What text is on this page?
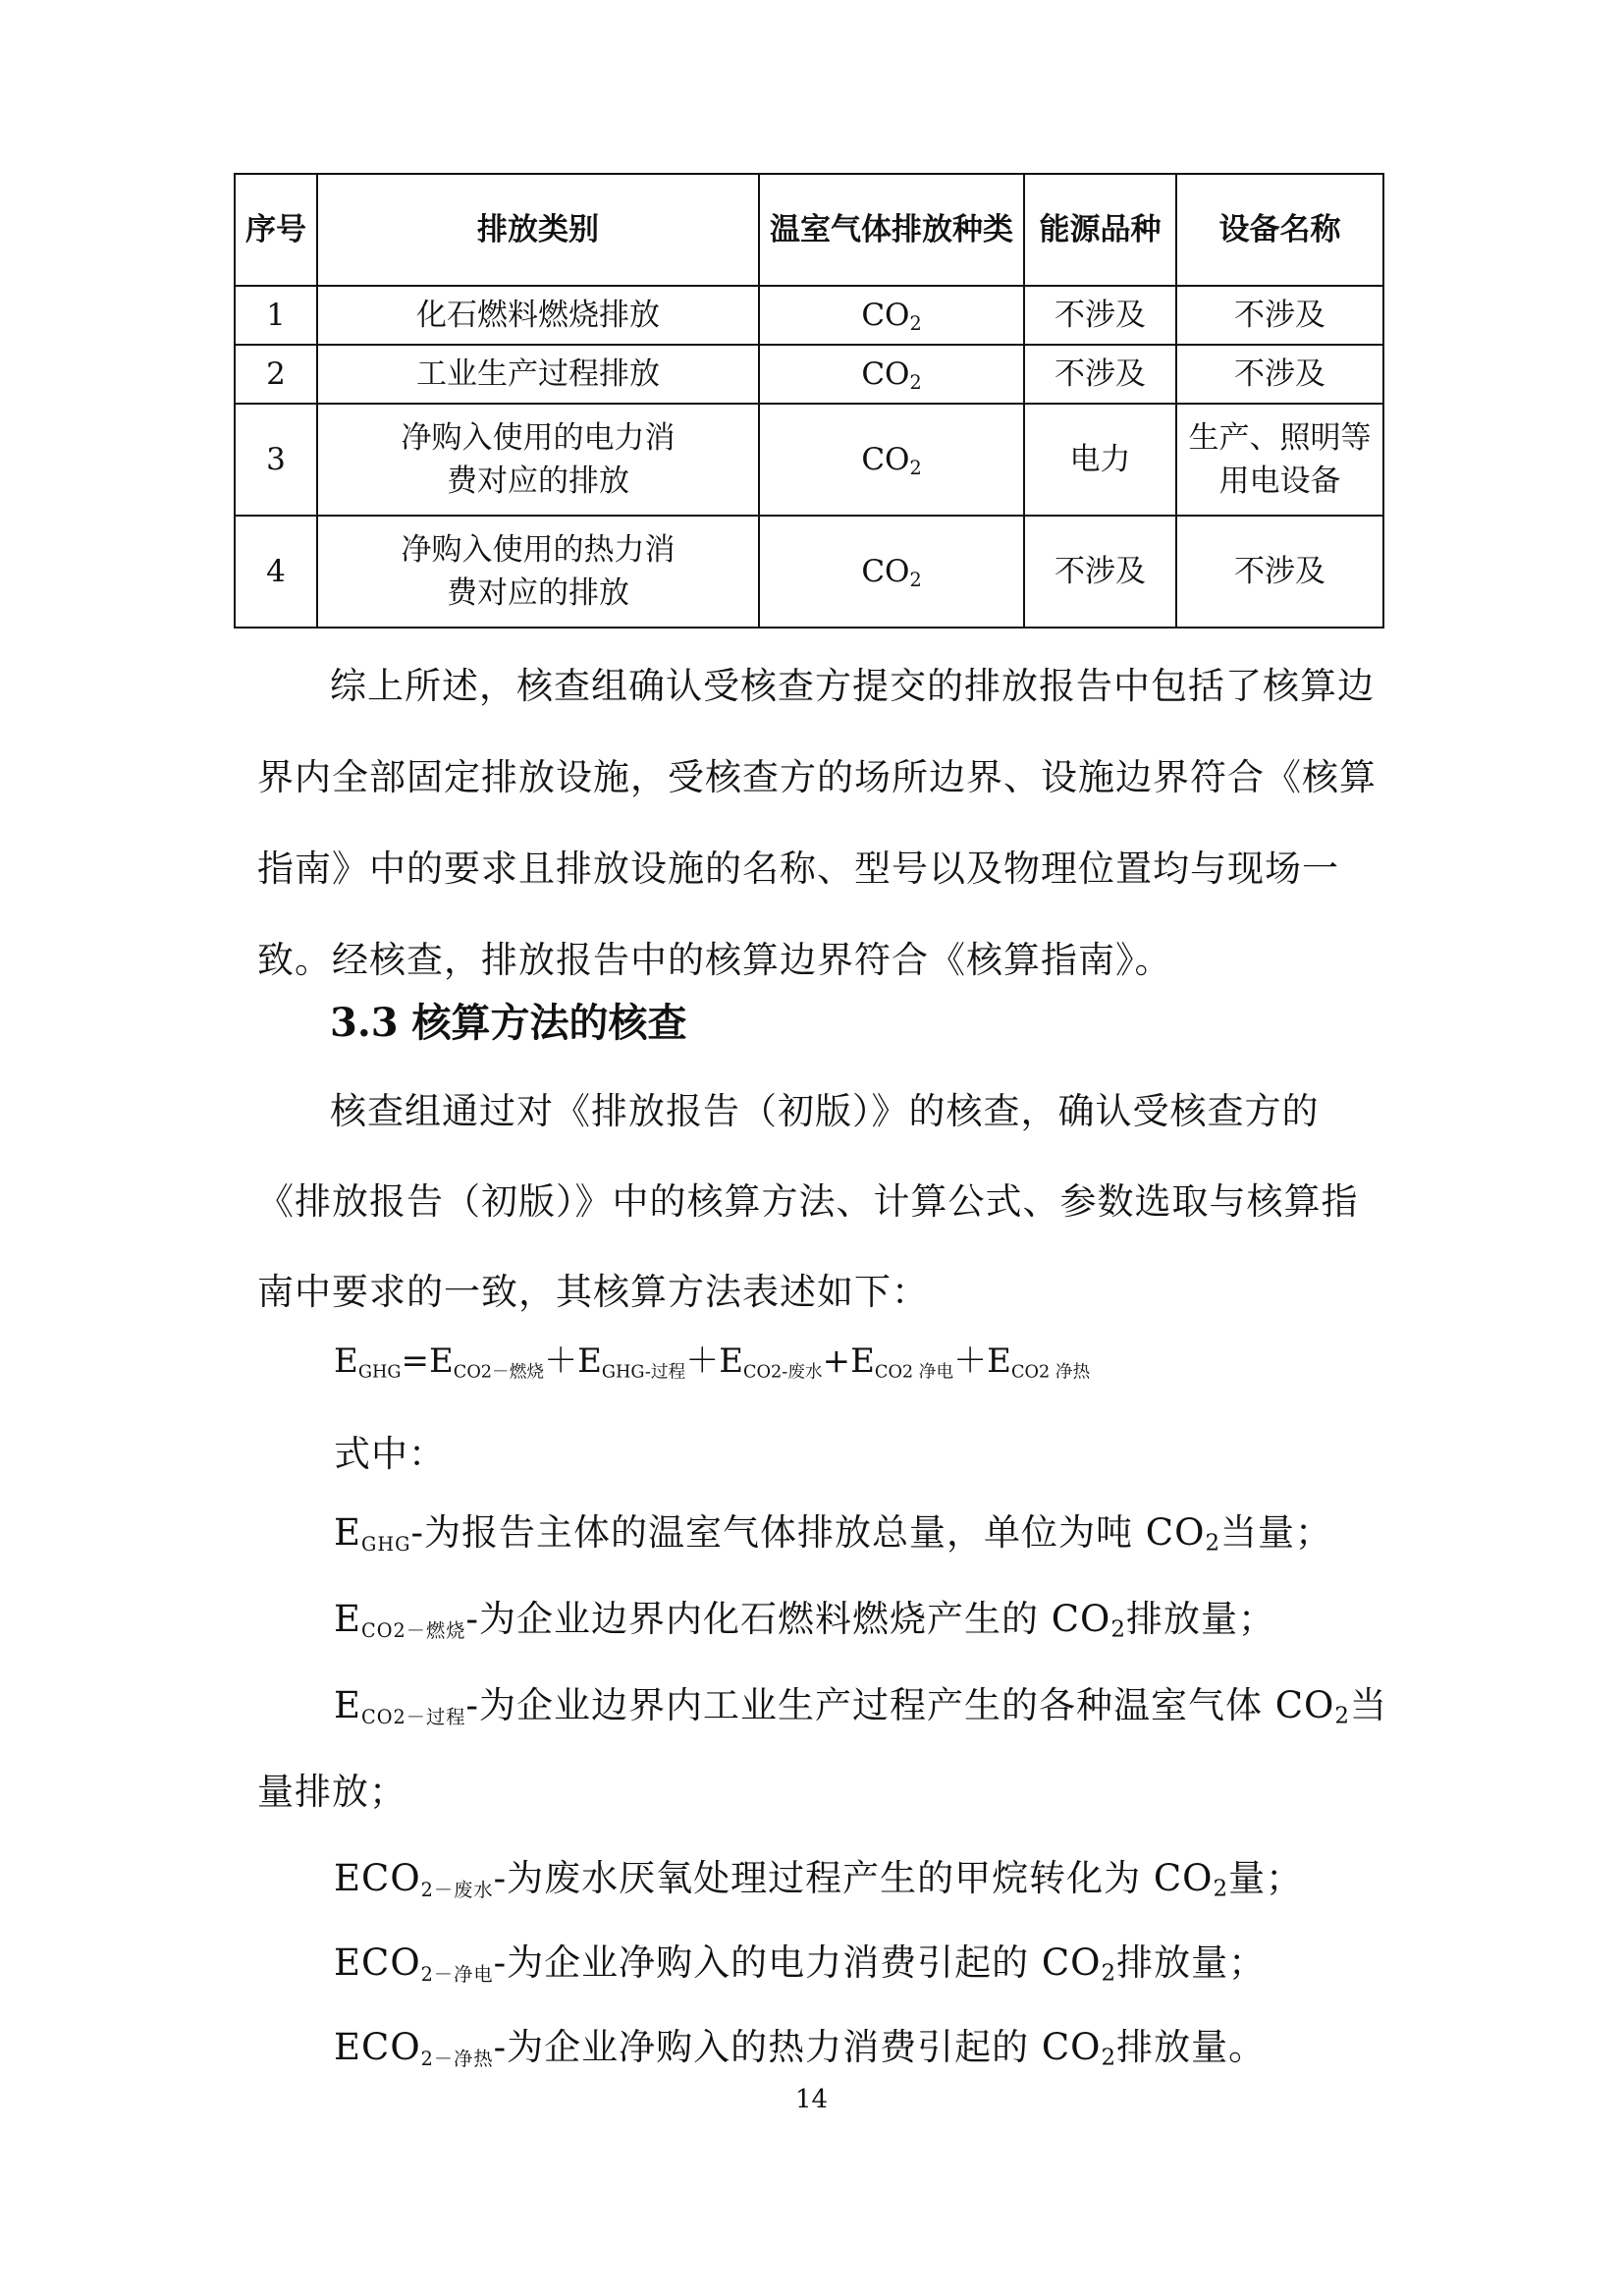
序号	排放类别	温室气体排放种类	能源品种	设备名称
1	化石燃料燃烧排放	$CO_2$	不涉及	不涉及
2	工业生产过程排放	$CO_2$	不涉及	不涉及
3	净购入使用的电力消费对应的排放	$CO_2$	电力	生产、照明等用电设备
4	净购入使用的热力消费对应的排放	$CO_2$	不涉及	不涉及

综上所述，核查组确认受核查方提交的排放报告中包括了核算边界内全部固定排放设施，受核查方的场所边界、设施边界符合《核算指南》中的要求且排放设施的名称、型号以及物理位置均与现场一致。经核查，排放报告中的核算边界符合《核算指南》。

3.3 核算方法的核查

核查组通过对《排放报告（初版）》的核查，确认受核查方的《排放报告（初版）》中的核算方法、计算公式、参数选取与核算指南中要求的一致，其核算方法表述如下：

EGHG=ECO2－燃烧＋EGHG-过程＋ECO2-废水+ECO2 净电＋ECO2 净热

式中：

EGHG-为报告主体的温室气体排放总量，单位为吨 $CO_2$当量；

ECO2－燃烧-为企业边界内化石燃料燃烧产生的 $CO_2$排放量；

ECO2－过程-为企业边界内工业生产过程产生的各种温室气体 $CO_2$当

量排放；

ECO2－废水-为废水厌氧处理过程产生的甲烷转化为 $CO_2$量；

ECO2－净电-为企业净购入的电力消费引起的 $CO_2$排放量；

ECO2－净热-为企业净购入的热力消费引起的 $CO_2$排放量。

14
